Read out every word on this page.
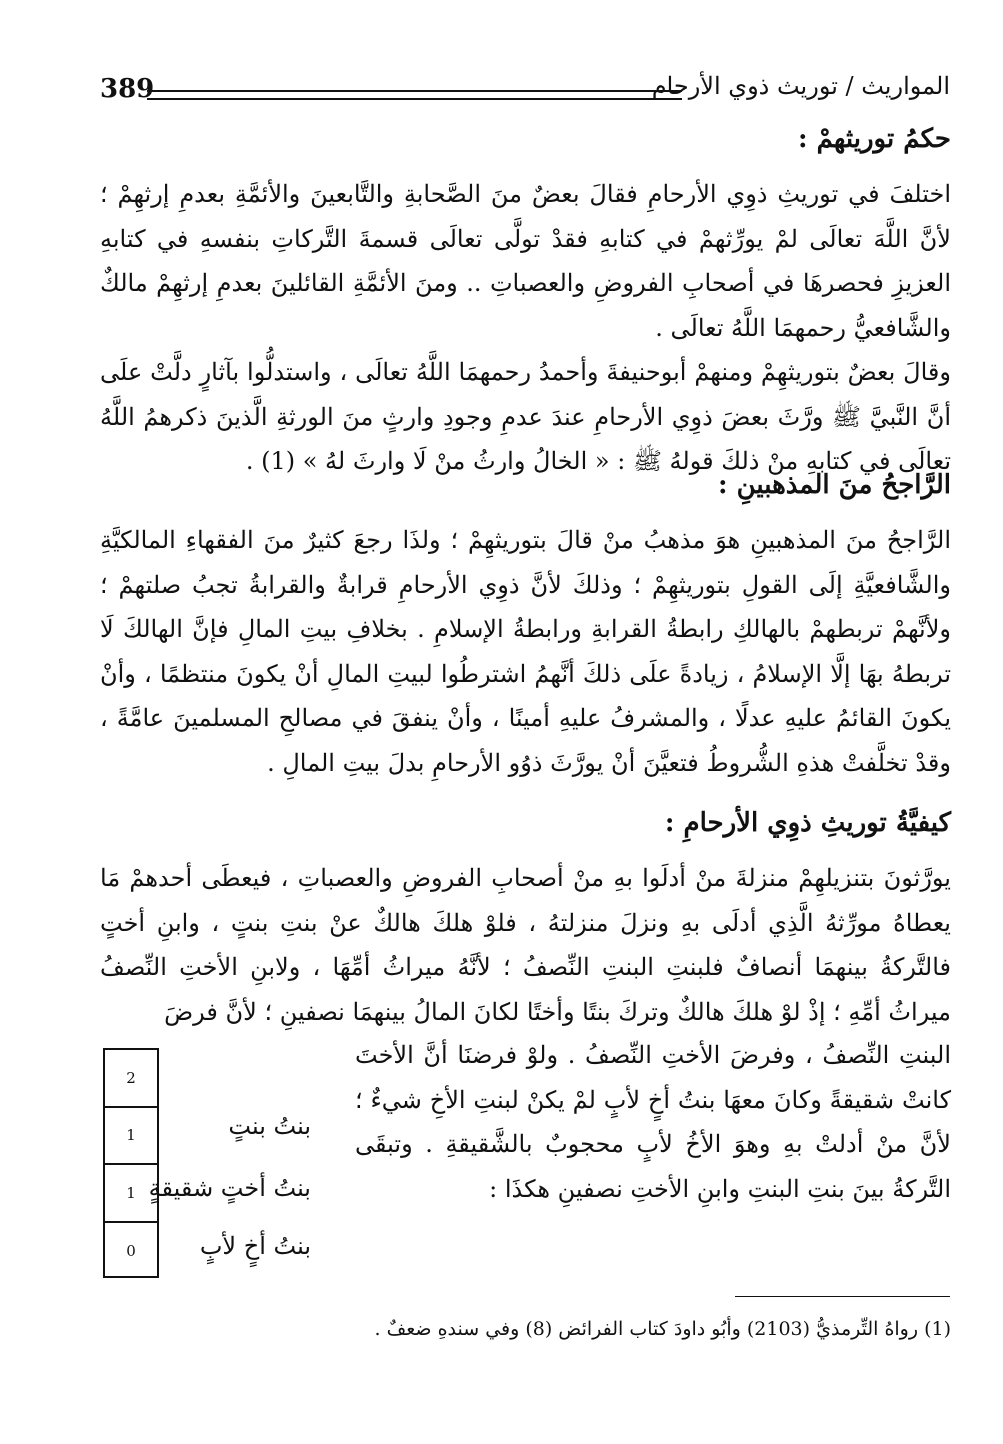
389	المواريث / توريث ذوي الأرحام
حكمُ توريثهمْ :

اختلفَ في توريثِ ذوِي الأرحامِ فقالَ بعضٌ منَ الصَّحابةِ والتَّابعينَ والأئمَّةِ بعدمِ إرثهِمْ ؛ لأنَّ اللَّهَ تعالَى لمْ يورِّثهمْ في كتابهِ فقدْ تولَّى تعالَى قسمةَ التَّركاتِ بنفسهِ في كتابهِ العزيزِ فحصرهَا في أصحابِ الفروضِ والعصباتِ .. ومنَ الأئمَّةِ القائلينَ بعدمِ إرثهِمْ مالكٌ والشَّافعيُّ رحمهمَا اللَّهُ تعالَى .

وقالَ بعضٌ بتوريثهِمْ ومنهمْ أبوحنيفةَ وأحمدُ رحمهمَا اللَّهُ تعالَى ، واستدلُّوا بآثارٍ دلَّتْ علَى أنَّ النَّبيَّ ﷺ ورَّثَ بعضَ ذوِي الأرحامِ عندَ عدمِ وجودِ وارثٍ منَ الورثةِ الَّذينَ ذكرهمُ اللَّهُ تعالَى في كتابهِ منْ ذلكَ قولهُ ﷺ : « الخالُ وارثُ منْ لَا وارثَ لهُ » (1) .

الرَّاجحُ منَ المذهبينِ :

الرَّاجحُ منَ المذهبينِ هوَ مذهبُ منْ قالَ بتوريثهِمْ ؛ ولذَا رجعَ كثيرٌ منَ الفقهاءِ المالكيَّةِ والشَّافعيَّةِ إلَى القولِ بتوريثهِمْ ؛ وذلكَ لأنَّ ذوِي الأرحامِ قرابةٌ والقرابةُ تجبُ صلتهمْ ؛ ولأنَّهمْ تربطهمْ بالهالكِ رابطةُ القرابةِ ورابطةُ الإسلامِ . بخلافِ بيتِ المالِ فإنَّ الهالكَ لَا تربطهُ بهَا إلَّا الإسلامُ ، زيادةً علَى ذلكَ أنَّهمُ اشترطُوا لبيتِ المالِ أنْ يكونَ منتظمًا ، وأنْ يكونَ القائمُ عليهِ عدلًا ، والمشرفُ عليهِ أمينًا ، وأنْ ينفقَ في مصالحِ المسلمينَ عامَّةً ، وقدْ تخلَّفتْ هذهِ الشُّروطُ فتعيَّنَ أنْ يورَّثَ ذوُو الأرحامِ بدلَ بيتِ المالِ .

كيفيَّةُ توريثِ ذوِي الأرحامِ :

يورَّثونَ بتنزيلهِمْ منزلةَ منْ أدلَوا بهِ منْ أصحابِ الفروضِ والعصباتِ ، فيعطَى أحدهمْ مَا يعطاهُ مورِّثهُ الَّذِي أدلَى بهِ ونزلَ منزلتهُ ، فلوْ هلكَ هالكٌ عنْ بنتِ بنتٍ ، وابنِ أختٍ فالتَّركةُ بينهمَا أنصافٌ فلبنتِ البنتِ النِّصفُ ؛ لأنَّهُ ميراثُ أمِّهَا ، ولابنِ الأختِ النِّصفُ ميراثُ أمِّهِ ؛ إذْ لوْ هلكَ هالكٌ وتركَ بنتًا وأختًا لكانَ المالُ بينهمَا نصفينِ ؛ لأنَّ فرضَ

البنتِ النِّصفُ ، وفرضَ الأختِ النِّصفُ . ولوْ فرضنَا أنَّ الأختَ كانتْ شقيقةً وكانَ معهَا بنتُ أخٍ لأبٍ لمْ يكنْ لبنتِ الأخِ شيءٌ ؛ لأنَّ منْ أدلتْ بهِ وهوَ الأخُ لأبٍ محجوبٌ بالشَّقيقةِ . وتبقَى التَّركةُ بينَ بنتِ البنتِ وابنِ الأختِ نصفينِ هكذَا :

2
1
1
0
بنتُ بنتٍ
بنتُ أختٍ شقيقةٍ
بنتُ أخٍ لأبٍ
(1) رواهُ التِّرمذيُّ (2103) وأبُو داودَ كتاب الفرائض (8) وفي سندهِ ضعفٌ .
